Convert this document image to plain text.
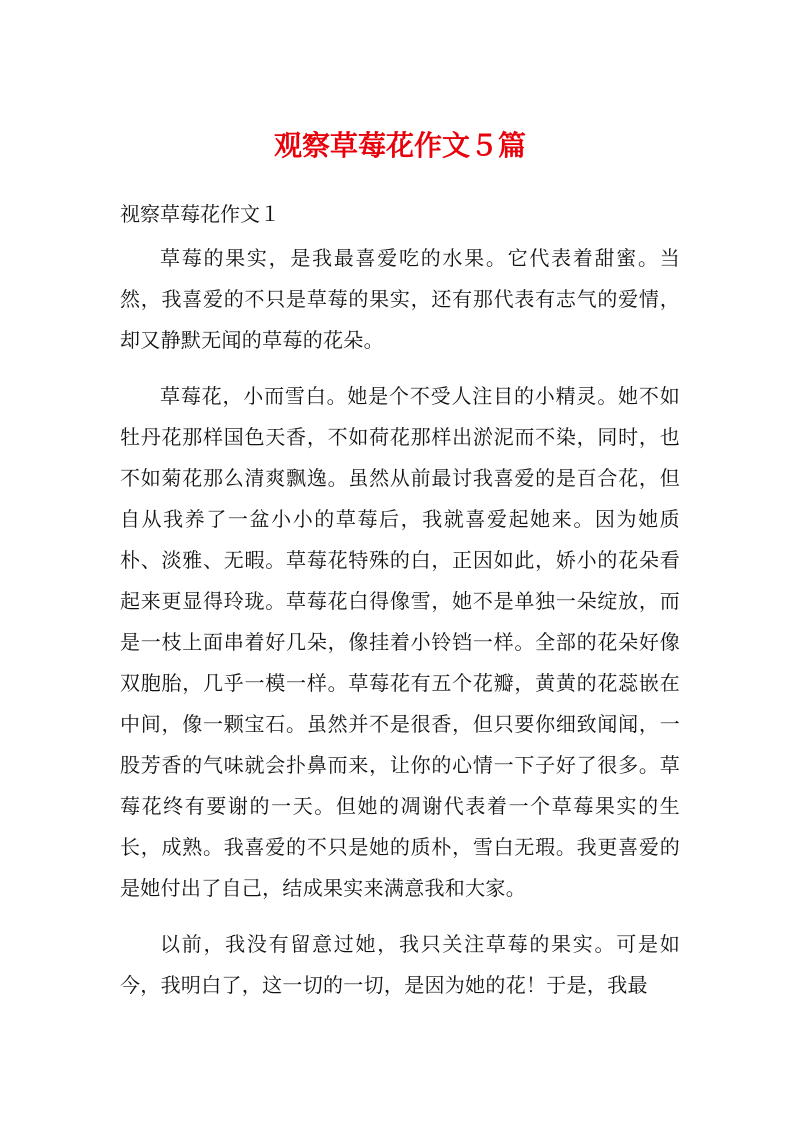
观察草莓花作文５篇

视察草莓花作文１

草莓的果实，是我最喜爱吃的水果。它代表着甜蜜。当然，我喜爱的不只是草莓的果实，还有那代表有志气的爱情，却又静默无闻的草莓的花朵。

草莓花，小而雪白。她是个不受人注目的小精灵。她不如牡丹花那样国色天香，不如荷花那样出淤泥而不染，同时，也不如菊花那么清爽飘逸。虽然从前最讨我喜爱的是百合花，但自从我养了一盆小小的草莓后，我就喜爱起她来。因为她质朴、淡雅、无暇。草莓花特殊的白，正因如此，娇小的花朵看起来更显得玲珑。草莓花白得像雪，她不是单独一朵绽放，而是一枝上面串着好几朵，像挂着小铃铛一样。全部的花朵好像双胞胎，几乎一模一样。草莓花有五个花瓣，黄黄的花蕊嵌在中间，像一颗宝石。虽然并不是很香，但只要你细致闻闻，一股芳香的气味就会扑鼻而来，让你的心情一下子好了很多。草莓花终有要谢的一天。但她的凋谢代表着一个草莓果实的生长，成熟。我喜爱的不只是她的质朴，雪白无瑕。我更喜爱的是她付出了自己，结成果实来满意我和大家。

以前，我没有留意过她，我只关注草莓的果实。可是如今，我明白了，这一切的一切，是因为她的花！于是，我最
